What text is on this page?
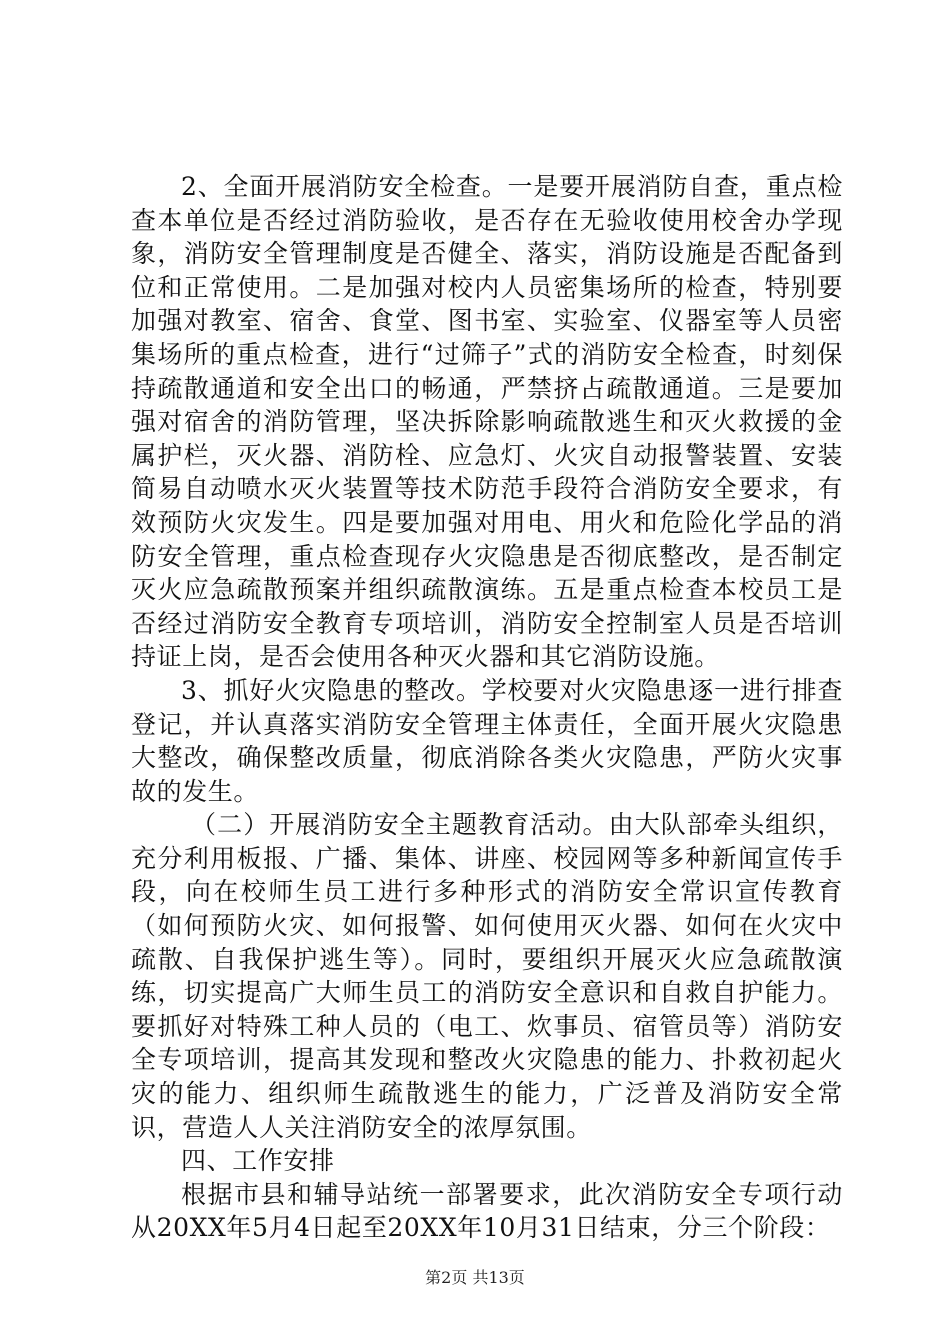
2、全面开展消防安全检查。一是要开展消防自查，重点检查本单位是否经过消防验收，是否存在无验收使用校舍办学现象，消防安全管理制度是否健全、落实，消防设施是否配备到位和正常使用。二是加强对校内人员密集场所的检查，特别要加强对教室、宿舍、食堂、图书室、实验室、仪器室等人员密集场所的重点检查，进行“过筛子”式的消防安全检查，时刻保持疏散通道和安全出口的畅通，严禁挤占疏散通道。三是要加强对宿舍的消防管理，坚决拆除影响疏散逃生和灭火救援的金属护栏，灭火器、消防栓、应急灯、火灾自动报警装置、安装简易自动喷水灭火装置等技术防范手段符合消防安全要求，有效预防火灾发生。四是要加强对用电、用火和危险化学品的消防安全管理，重点检查现存火灾隐患是否彻底整改，是否制定灭火应急疏散预案并组织疏散演练。五是重点检查本校员工是否经过消防安全教育专项培训，消防安全控制室人员是否培训持证上岗，是否会使用各种灭火器和其它消防设施。

3、抓好火灾隐患的整改。学校要对火灾隐患逐一进行排查登记，并认真落实消防安全管理主体责任，全面开展火灾隐患大整改，确保整改质量，彻底消除各类火灾隐患，严防火灾事故的发生。

（二）开展消防安全主题教育活动。由大队部牵头组织，充分利用板报、广播、集体、讲座、校园网等多种新闻宣传手段，向在校师生员工进行多种形式的消防安全常识宣传教育（如何预防火灾、如何报警、如何使用灭火器、如何在火灾中疏散、自我保护逃生等）。同时，要组织开展灭火应急疏散演练，切实提高广大师生员工的消防安全意识和自救自护能力。要抓好对特殊工种人员的（电工、炊事员、宿管员等）消防安全专项培训，提高其发现和整改火灾隐患的能力、扑救初起火灾的能力、组织师生疏散逃生的能力，广泛普及消防安全常识，营造人人关注消防安全的浓厚氛围。

四、工作安排

根据市县和辅导站统一部署要求，此次消防安全专项行动从20XX年5月4日起至20XX年10月31日结束，分三个阶段：

第2页 共13页
